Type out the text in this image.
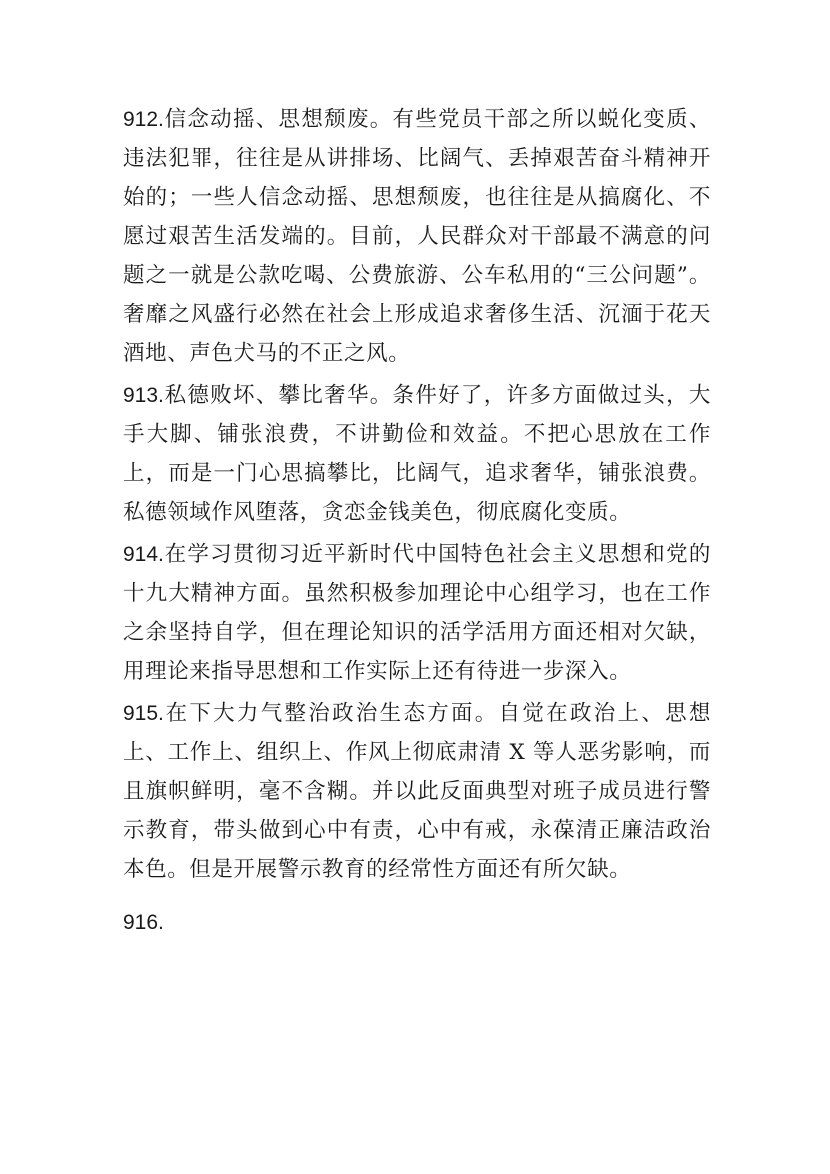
912.信念动摇、思想颓废。有些党员干部之所以蜕化变质、违法犯罪，往往是从讲排场、比阔气、丢掉艰苦奋斗精神开始的；一些人信念动摇、思想颓废，也往往是从搞腐化、不愿过艰苦生活发端的。目前，人民群众对干部最不满意的问题之一就是公款吃喝、公费旅游、公车私用的“三公问题”。奢靡之风盛行必然在社会上形成追求奢侈生活、沉湎于花天酒地、声色犬马的不正之风。

913.私德败坏、攀比奢华。条件好了，许多方面做过头，大手大脚、铺张浪费，不讲勤俭和效益。不把心思放在工作上，而是一门心思搞攀比，比阔气，追求奢华，铺张浪费。私德领域作风堕落，贪恋金钱美色，彻底腐化变质。

914.在学习贯彻习近平新时代中国特色社会主义思想和党的十九大精神方面。虽然积极参加理论中心组学习，也在工作之余坚持自学，但在理论知识的活学活用方面还相对欠缺，用理论来指导思想和工作实际上还有待进一步深入。

915.在下大力气整治政治生态方面。自觉在政治上、思想上、工作上、组织上、作风上彻底肃清 X 等人恶劣影响，而且旗帜鲜明，毫不含糊。并以此反面典型对班子成员进行警示教育，带头做到心中有责，心中有戒，永葆清正廉洁政治本色。但是开展警示教育的经常性方面还有所欠缺。

916.
